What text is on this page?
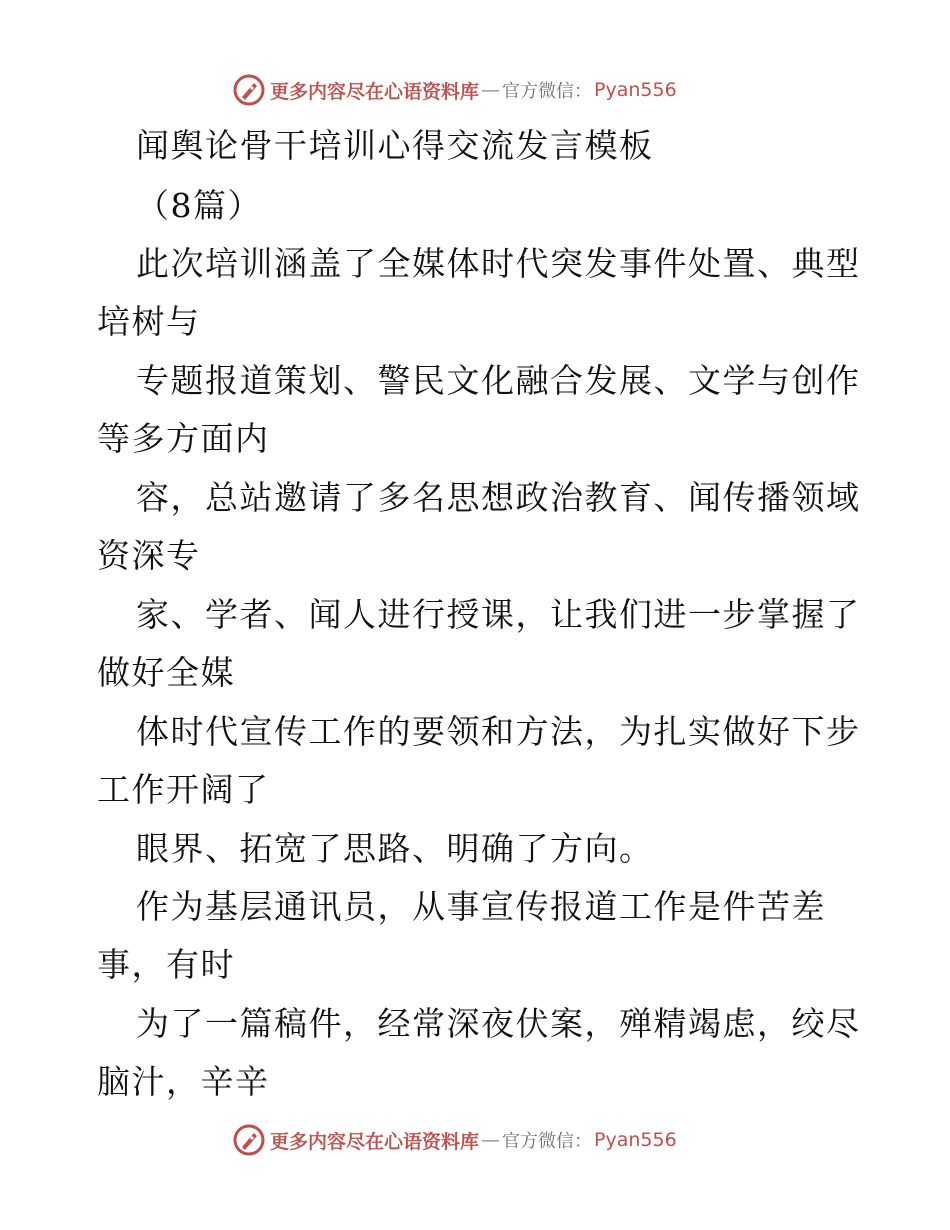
更多内容尽在心语资料库 — 官方微信： Pyan556
闻舆论骨干培训心得交流发言模板
（8篇）
此次培训涵盖了全媒体时代突发事件处置、典型
培树与
专题报道策划、警民文化融合发展、文学与创作
等多方面内
容，总站邀请了多名思想政治教育、闻传播领域
资深专
家、学者、闻人进行授课，让我们进一步掌握了
做好全媒
体时代宣传工作的要领和方法，为扎实做好下步
工作开阔了
眼界、拓宽了思路、明确了方向。
作为基层通讯员，从事宣传报道工作是件苦差
事，有时
为了一篇稿件，经常深夜伏案，殚精竭虑，绞尽
脑汁，辛辛
更多内容尽在心语资料库 — 官方微信： Pyan556
